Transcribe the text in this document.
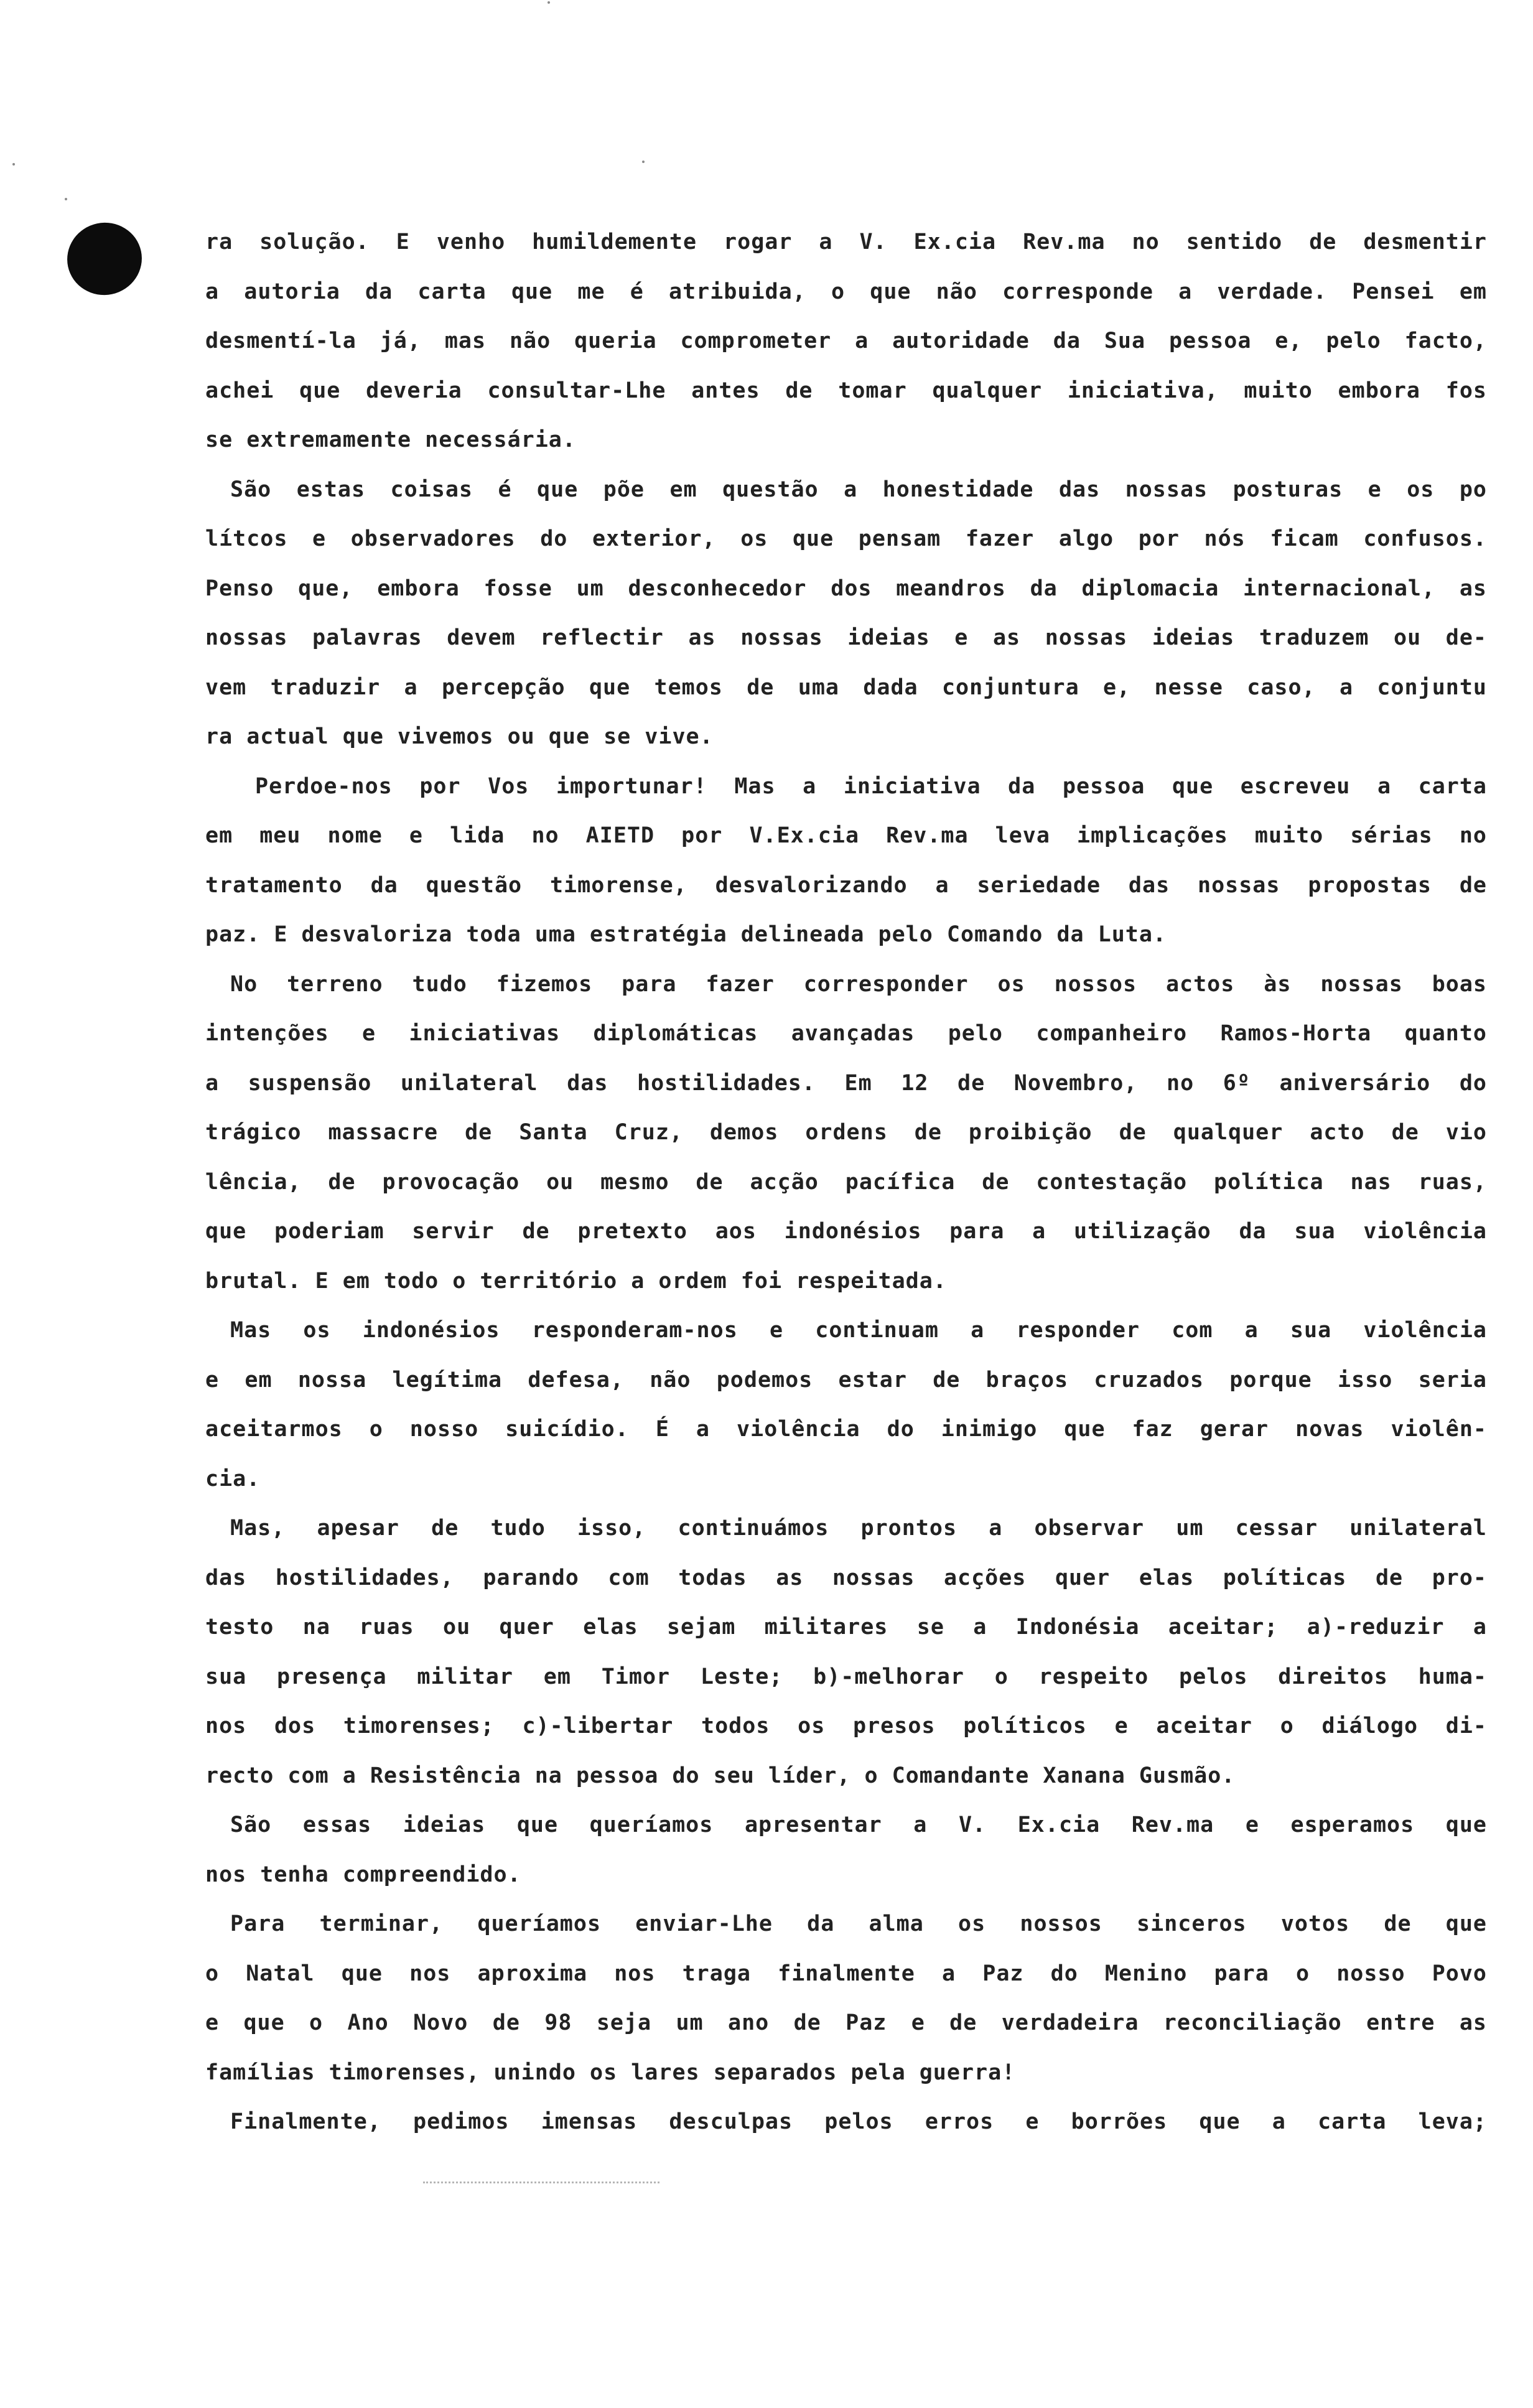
ra solução. E venho humildemente rogar a V. Ex.cia Rev.ma no sentido de desmentir
a autoria da carta que me é atribuida, o que não corresponde a verdade. Pensei em
desmentí-la já, mas não queria comprometer a autoridade da Sua pessoa e, pelo facto,
achei que deveria consultar-Lhe antes de tomar qualquer iniciativa, muito embora fos
se extremamente necessária.
São estas coisas é que põe em questão a honestidade das nossas posturas e os po
lítcos e observadores do exterior, os que pensam fazer algo por nós ficam confusos.
Penso que, embora fosse um desconhecedor dos meandros da diplomacia internacional, as
nossas palavras devem reflectir as nossas ideias e as nossas ideias traduzem ou de-
vem traduzir a percepção que temos de uma dada conjuntura e, nesse caso, a conjuntu
ra actual que vivemos ou que se vive.
Perdoe-nos por Vos importunar! Mas a iniciativa da pessoa que escreveu a carta
em meu nome e lida no AIETD por V.Ex.cia Rev.ma leva implicações muito sérias no
tratamento da questão timorense, desvalorizando a seriedade das nossas propostas de
paz. E desvaloriza toda uma estratégia delineada pelo Comando da Luta.
No terreno tudo fizemos para fazer corresponder os nossos actos às nossas boas
intenções e iniciativas diplomáticas avançadas pelo companheiro Ramos-Horta quanto
a suspensão unilateral das hostilidades. Em 12 de Novembro, no 6º aniversário do
trágico massacre de Santa Cruz, demos ordens de proibição de qualquer acto de vio
lência, de provocação ou mesmo de acção pacífica de contestação política nas ruas,
que poderiam servir de pretexto aos indonésios para a utilização da sua violência
brutal. E em todo o território a ordem foi respeitada.
Mas os indonésios responderam-nos e continuam a responder com a sua violência
e em nossa legítima defesa, não podemos estar de braços cruzados porque isso seria
aceitarmos o nosso suicídio. É a violência do inimigo que faz gerar novas violên-
cia.
Mas, apesar de tudo isso, continuámos prontos a observar um cessar unilateral
das hostilidades, parando com todas as nossas acções quer elas políticas de pro-
testo na ruas ou quer elas sejam militares se a Indonésia aceitar; a)-reduzir a
sua presença militar em Timor Leste; b)-melhorar o respeito pelos direitos huma-
nos dos timorenses; c)-libertar todos os presos políticos e aceitar o diálogo di-
recto com a Resistência na pessoa do seu líder, o Comandante Xanana Gusmão.
São essas ideias que queríamos apresentar a V. Ex.cia Rev.ma e esperamos que
nos tenha compreendido.
Para terminar, queríamos enviar-Lhe da alma os nossos sinceros votos de que
o Natal que nos aproxima nos traga finalmente a Paz do Menino para o nosso Povo
e que o Ano Novo de 98 seja um ano de Paz e de verdadeira reconciliação entre as
famílias timorenses, unindo os lares separados pela guerra!
Finalmente, pedimos imensas desculpas pelos erros e borrões que a carta leva;
